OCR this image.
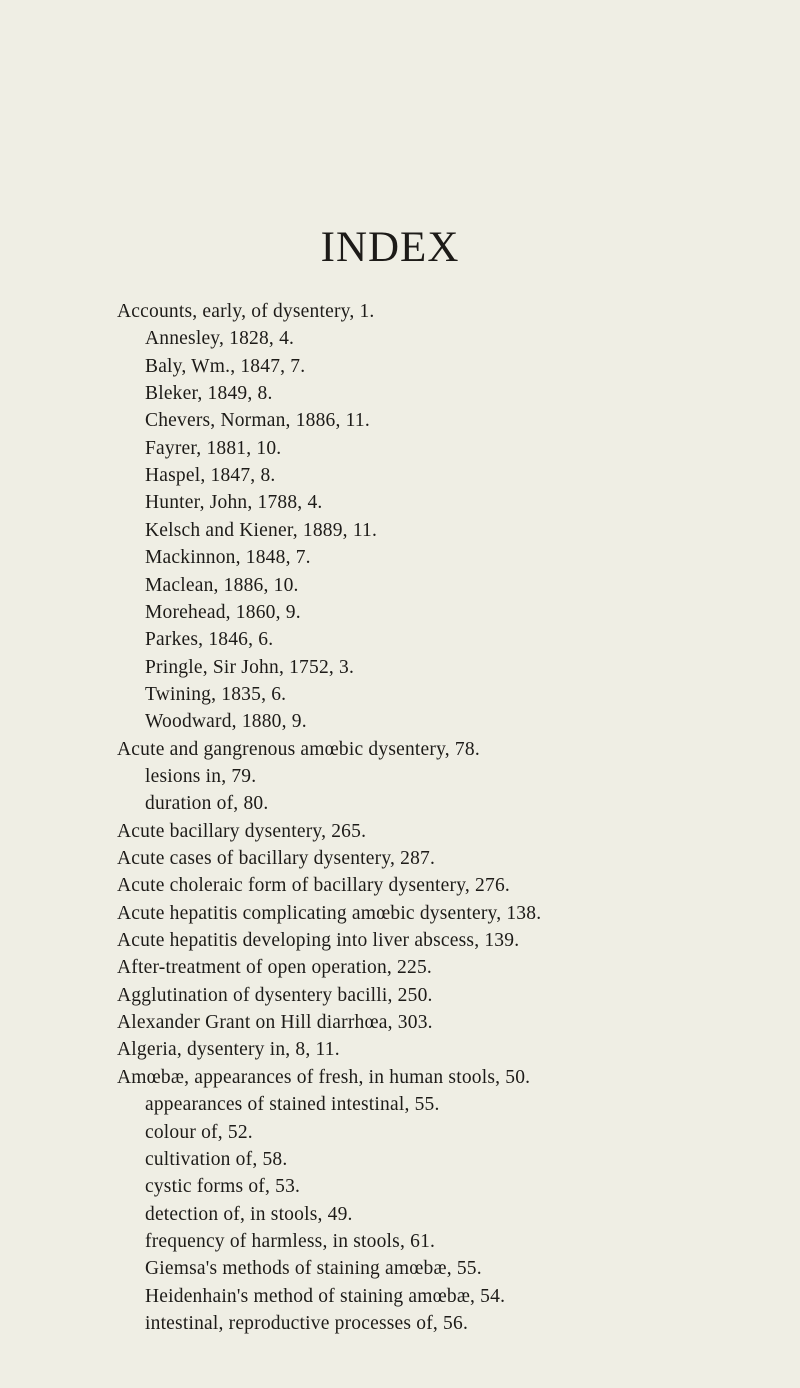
INDEX
Accounts, early, of dysentery, 1.
Annesley, 1828, 4.
Baly, Wm., 1847, 7.
Bleker, 1849, 8.
Chevers, Norman, 1886, 11.
Fayrer, 1881, 10.
Haspel, 1847, 8.
Hunter, John, 1788, 4.
Kelsch and Kiener, 1889, 11.
Mackinnon, 1848, 7.
Maclean, 1886, 10.
Morehead, 1860, 9.
Parkes, 1846, 6.
Pringle, Sir John, 1752, 3.
Twining, 1835, 6.
Woodward, 1880, 9.
Acute and gangrenous amœbic dysentery, 78.
lesions in, 79.
duration of, 80.
Acute bacillary dysentery, 265.
Acute cases of bacillary dysentery, 287.
Acute choleraic form of bacillary dysentery, 276.
Acute hepatitis complicating amœbic dysentery, 138.
Acute hepatitis developing into liver abscess, 139.
After-treatment of open operation, 225.
Agglutination of dysentery bacilli, 250.
Alexander Grant on Hill diarrhœa, 303.
Algeria, dysentery in, 8, 11.
Amœbæ, appearances of fresh, in human stools, 50.
appearances of stained intestinal, 55.
colour of, 52.
cultivation of, 58.
cystic forms of, 53.
detection of, in stools, 49.
frequency of harmless, in stools, 61.
Giemsa's methods of staining amœbæ, 55.
Heidenhain's method of staining amœbæ, 54.
intestinal, reproductive processes of, 56.
